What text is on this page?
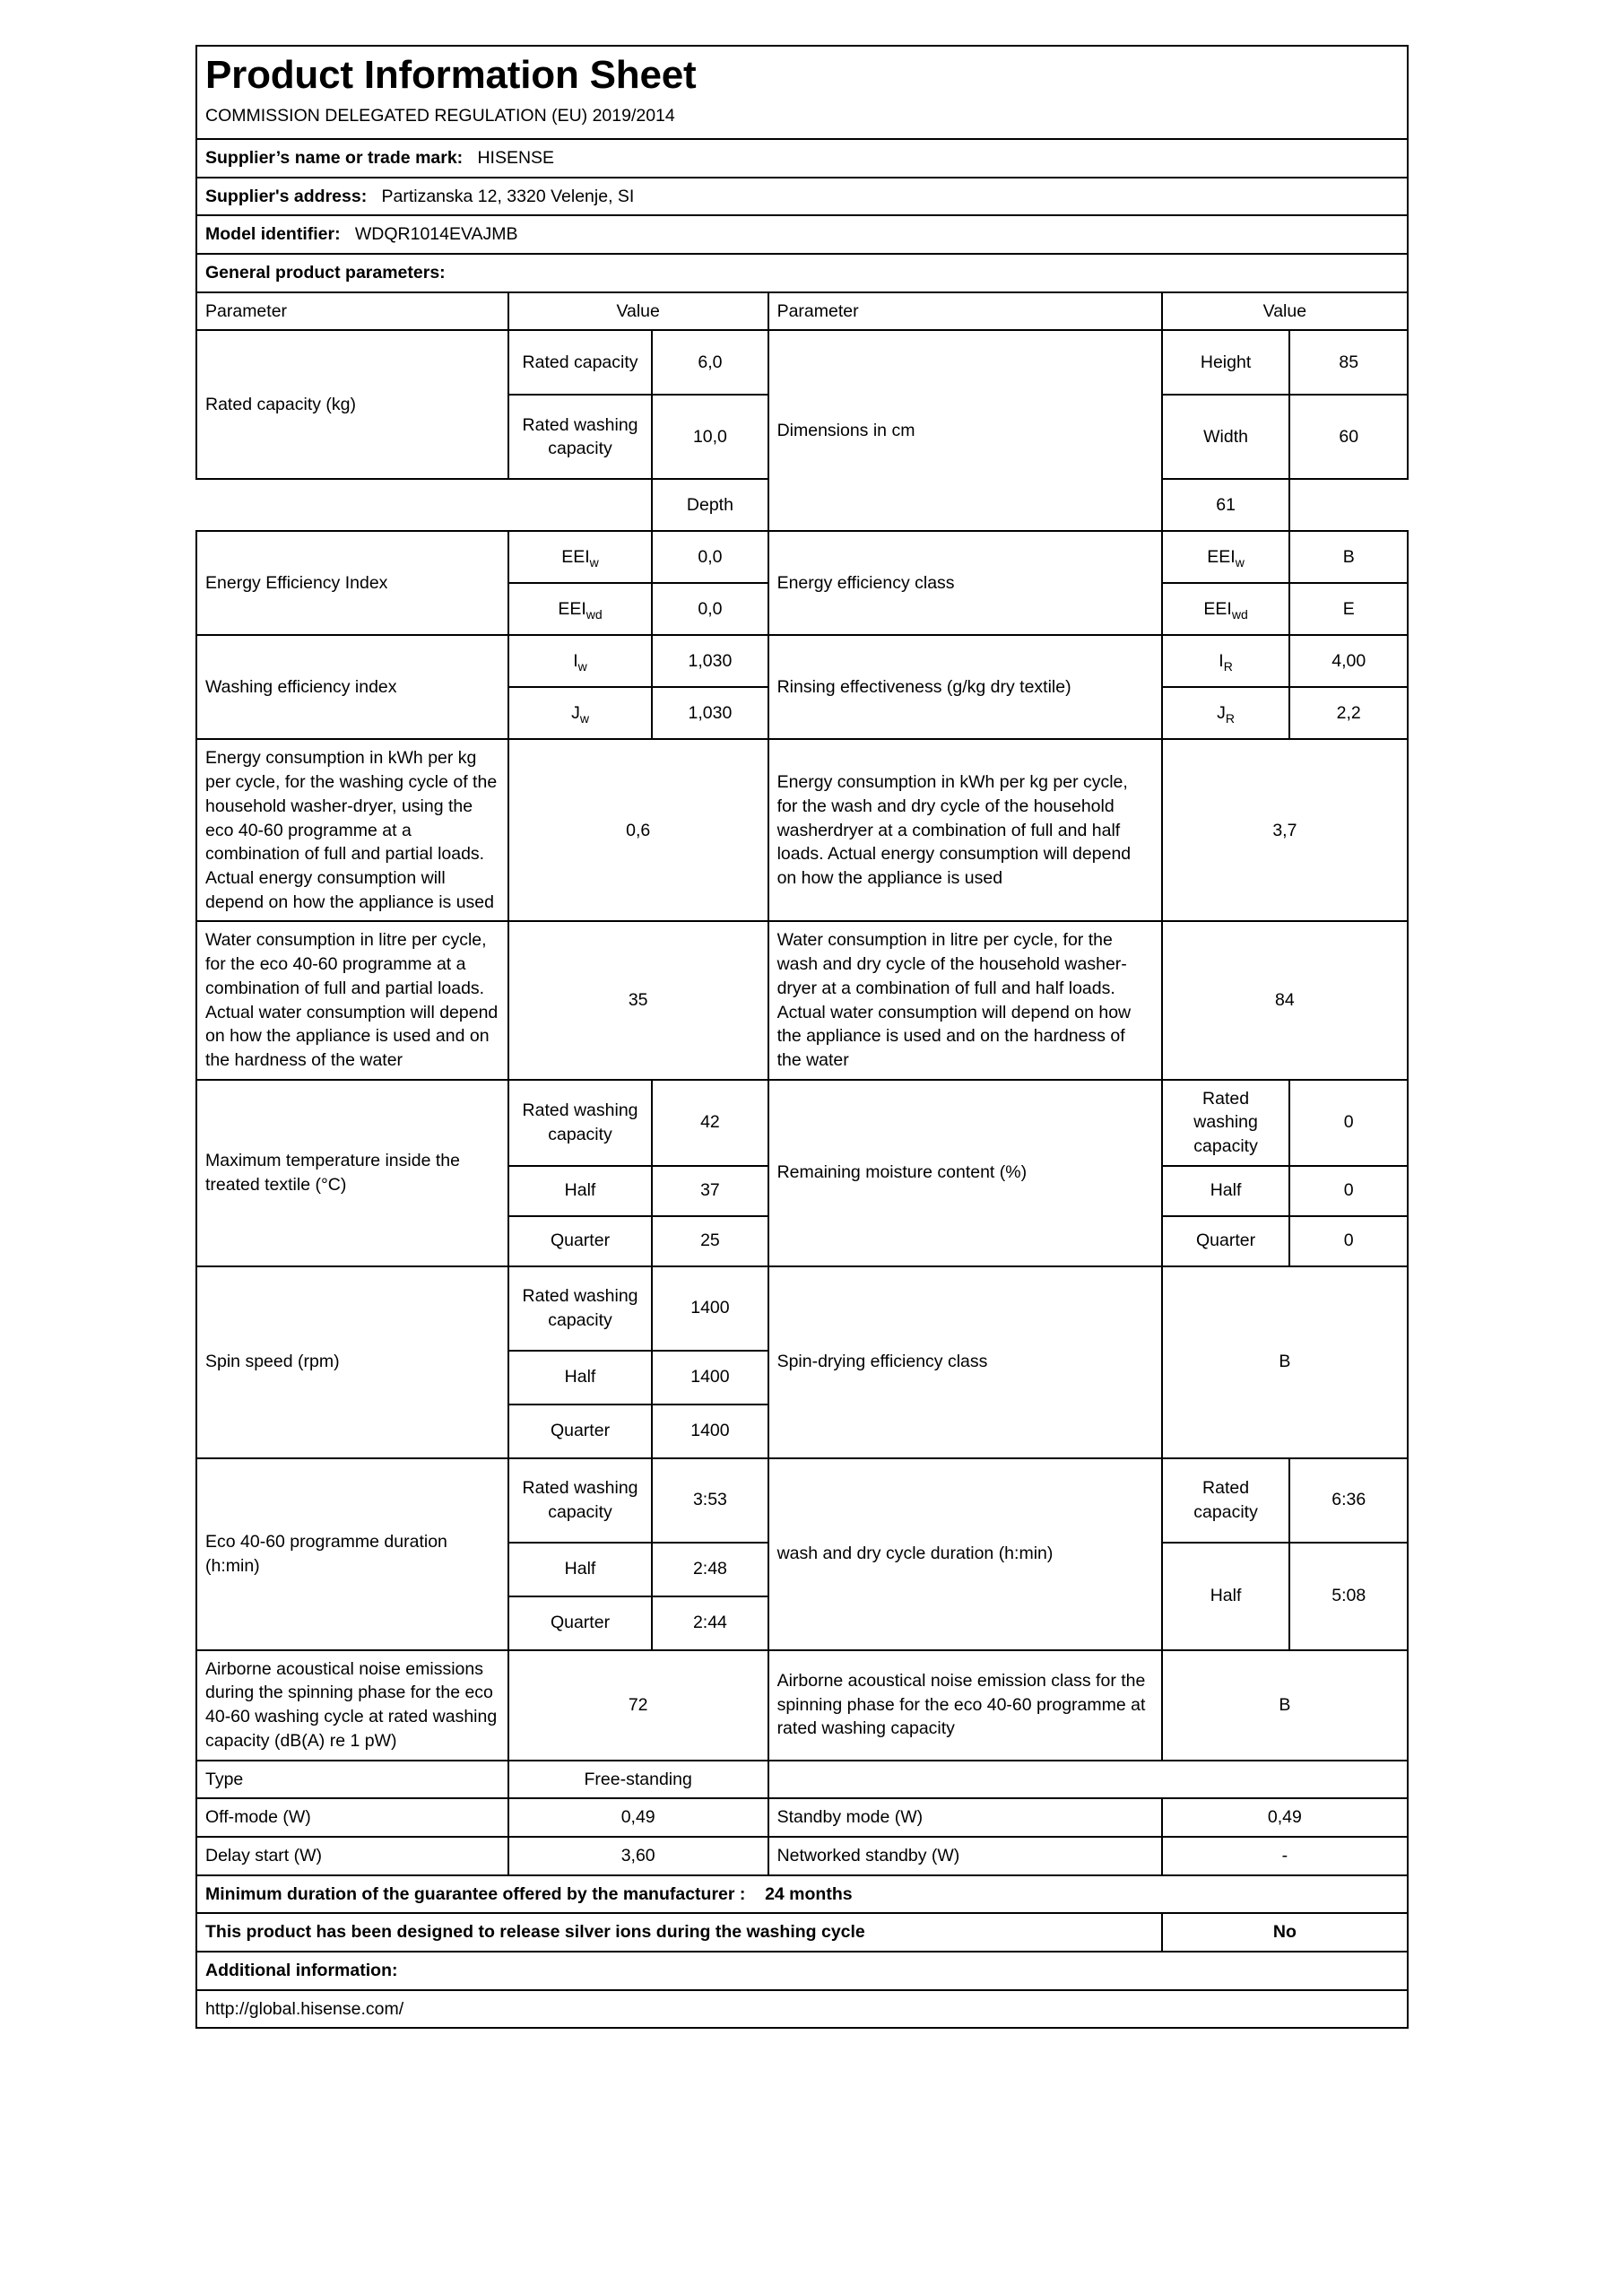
Product Information Sheet
COMMISSION DELEGATED REGULATION (EU) 2019/2014					

Supplier’s name or trade mark: HISENSE					
Supplier's address: Partizanska 12, 3320 Velenje, SI					
Model identifier: WDQR1014EVAJMB					
General product parameters:					
Parameter	Value		Parameter	Value	
Rated capacity (kg)	Rated capacity	6,0	Dimensions in cm	Height	85
	Rated washing capacity	10,0		Width	60
		Depth		61	
Energy Efficiency Index	$EEI_w$	0,0	Energy efficiency class	$EEI_w$	B
	$EEI_{wd}$	0,0		$EEI_{wd}$	E
Washing efficiency index	$I_w$	1,030	Rinsing effectiveness (g/kg dry textile)	$I_R$	4,00
	$J_w$	1,030		$J_R$	2,2
Energy consumption in kWh per kg per cycle, for the washing cycle of the household washer-dryer, using the eco 40-60 programme at a combination of full and partial loads. Actual energy consumption will depend on how the appliance is used	0,6	Energy consumption in kWh per kg per cycle, for the wash and dry cycle of the household washerdryer at a combination of full and half loads. Actual energy consumption will depend on how the appliance is used	3,7
Water consumption in litre per cycle, for the eco 40-60 programme at a combination of full and partial loads. Actual water consumption will depend on how the appliance is used and on the hardness of the water	35	Water consumption in litre per cycle, for the wash and dry cycle of the household washer-dryer at a combination of full and half loads. Actual water consumption will depend on how the appliance is used and on the hardness of the water	84
Maximum temperature inside the treated textile (°C)	Rated washing capacity	42	Remaining moisture content (%)	Rated washing capacity	0
	Half	37		Half	0
	Quarter	25		Quarter	0
Spin speed (rpm)	Rated washing capacity	1400	Spin-drying efficiency class	B	
	Half	1400			
	Quarter	1400			
Eco 40-60 programme duration (h:min)	Rated washing capacity	3:53	wash and dry cycle duration (h:min)	Rated capacity	6:36
	Half	2:48		Half	5:08
	Quarter	2:44			
Airborne acoustical noise emissions during the spinning phase for the eco 40-60 washing cycle at rated washing capacity (dB(A) re 1 pW)	72		Airborne acoustical noise emission class for the spinning phase for the eco 40-60 programme at rated washing capacity	B	
Type	Free-standing				
Off-mode (W)	0,49		Standby mode (W)	0,49	
Delay start (W)	3,60		Networked standby (W)	-	
Minimum duration of the guarantee offered by the manufacturer : 24 months					
This product has been designed to release silver ions during the washing cycle				No	
Additional information:					
http://global.hisense.com/					
